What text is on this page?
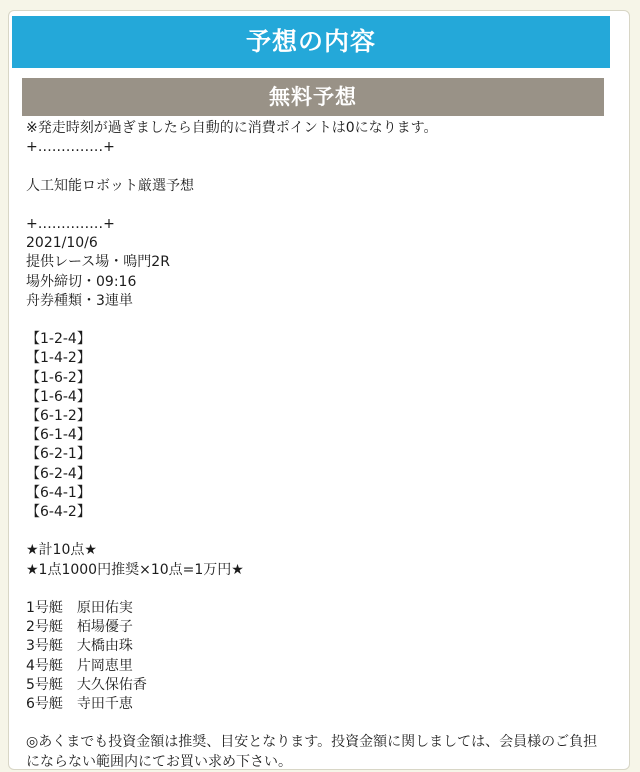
予想の内容
無料予想
※発走時刻が過ぎましたら自動的に消費ポイントは0になります。
+‥‥‥‥‥‥‥+
人工知能ロボット厳選予想
+‥‥‥‥‥‥‥+
2021/10/6
提供レース場・鳴門2R
場外締切・09:16
舟券種類・3連単
【1-2-4】
【1-4-2】
【1-6-2】
【1-6-4】
【6-1-2】
【6-1-4】
【6-2-1】
【6-2-4】
【6-4-1】
【6-4-2】
★計10点★
★1点1000円推奨×10点=1万円★
1号艇　原田佑実
2号艇　栢場優子
3号艇　大橋由珠
4号艇　片岡恵里
5号艇　大久保佑香
6号艇　寺田千恵
◎あくまでも投資金額は推奨、目安となります。投資金額に関しましては、会員様のご負担にならない範囲内にてお買い求め下さい。
